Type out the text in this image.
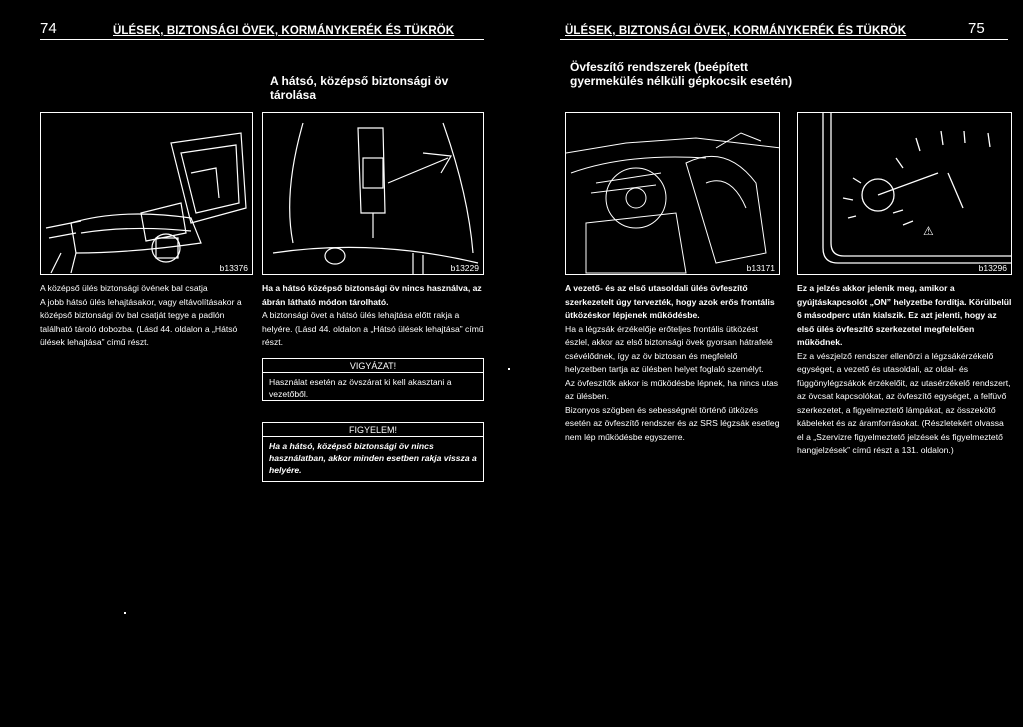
74	ÜLÉSEK, BIZTONSÁGI ÖVEK, KORMÁNYKERÉK ÉS TÜKRÖK	ÜLÉSEK, BIZTONSÁGI ÖVEK, KORMÁNYKERÉK ÉS TÜKRÖK	75
A hátsó, középső biztonsági öv tárolása
Övfeszítő rendszerek (beépített gyermekülés nélküli gépkocsik esetén)
b13376	b13229	b13171
⚠
b13296

A középső ülés biztonsági övének bal csatja

A jobb hátsó ülés lehajtásakor, vagy eltávolításakor a középső biztonsági öv bal csatját tegye a padlón található tároló dobozba. (Lásd 44. oldalon a „Hátsó ülések lehajtása” című részt.

Ha a hátsó középső biztonsági öv nincs használva, az ábrán látható módon tárolható.

A biztonsági övet a hátsó ülés lehajtása előtt rakja a helyére. (Lásd 44. oldalon a „Hátsó ülések lehajtása” című részt.

VIGYÁZAT!
Használat esetén az övszárat ki kell akasztani a vezetőből.
FIGYELEM!
Ha a hátsó, középső biztonsági öv nincs használatban, akkor minden esetben rakja vissza a helyére.

A vezető- és az első utasoldali ülés övfeszítő szerkezetelt úgy tervezték, hogy azok erős frontális ütközéskor lépjenek működésbe.

Ha a légzsák érzékelője erőteljes frontális ütközést észlel, akkor az első biztonsági övek gyorsan hátrafelé csévélődnek, így az öv biztosan és megfelelő helyzetben tartja az ülésben helyet foglaló személyt.

Az övfeszítők akkor is működésbe lépnek, ha nincs utas az ülésben.

Bizonyos szögben és sebességnél történő ütközés esetén az övfeszítő rendszer és az SRS légzsák esetleg nem lép működésbe egyszerre.

Ez a jelzés akkor jelenik meg, amikor a gyújtáskapcsolót „ON” helyzetbe fordítja. Körülbelül 6 másodperc után kialszik. Ez azt jelenti, hogy az első ülés övfeszítő szerkezetel megfelelően működnek.

Ez a vészjelző rendszer ellenőrzi a légzsákérzékelő egységet, a vezető és utasoldali, az oldal- és függönylégzsákok érzékelőit, az utasérzékelő rendszert, az övcsat kapcsolókat, az övfeszítő egységet, a felfüvő szerkezetet, a figyelmeztető lámpákat, az összekötő kábeleket és az áramforrásokat. (Részletekért olvassa el a „Szervizre figyelmeztető jelzések és figyelmeztető hangjelzések” című részt a 131. oldalon.)
